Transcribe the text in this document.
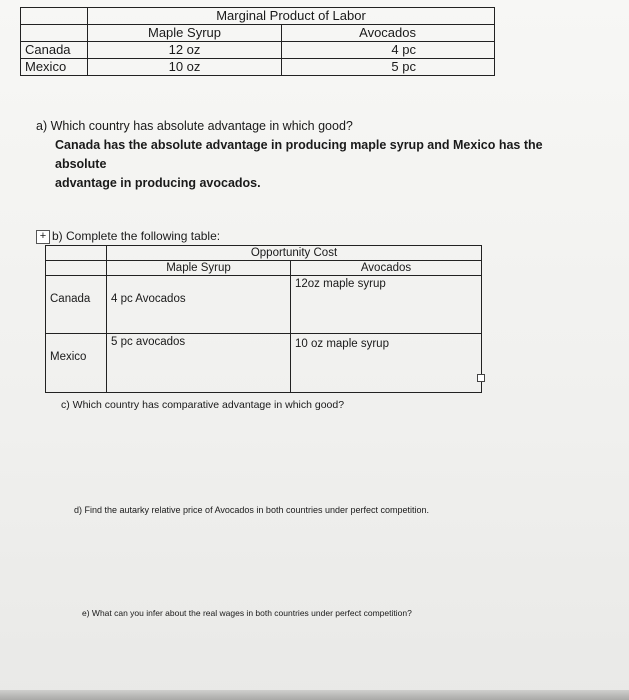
	Marginal Product of Labor	
	Maple Syrup	Avocados
Canada	12 oz	4 pc
Mexico	10 oz	5 pc
a) Which country has absolute advantage in which good?
Canada has the absolute advantage in producing maple syrup and Mexico has the absolute
advantage in producing avocados.
+ b) Complete the following table:
	Opportunity Cost	
	Maple Syrup	Avocados
Canada	4 pc Avocados	12oz maple syrup
Mexico	5 pc avocados	10 oz maple syrup
c) Which country has comparative advantage in which good?
d) Find the autarky relative price of Avocados in both countries under perfect competition.
e) What can you infer about the real wages in both countries under perfect competition?
